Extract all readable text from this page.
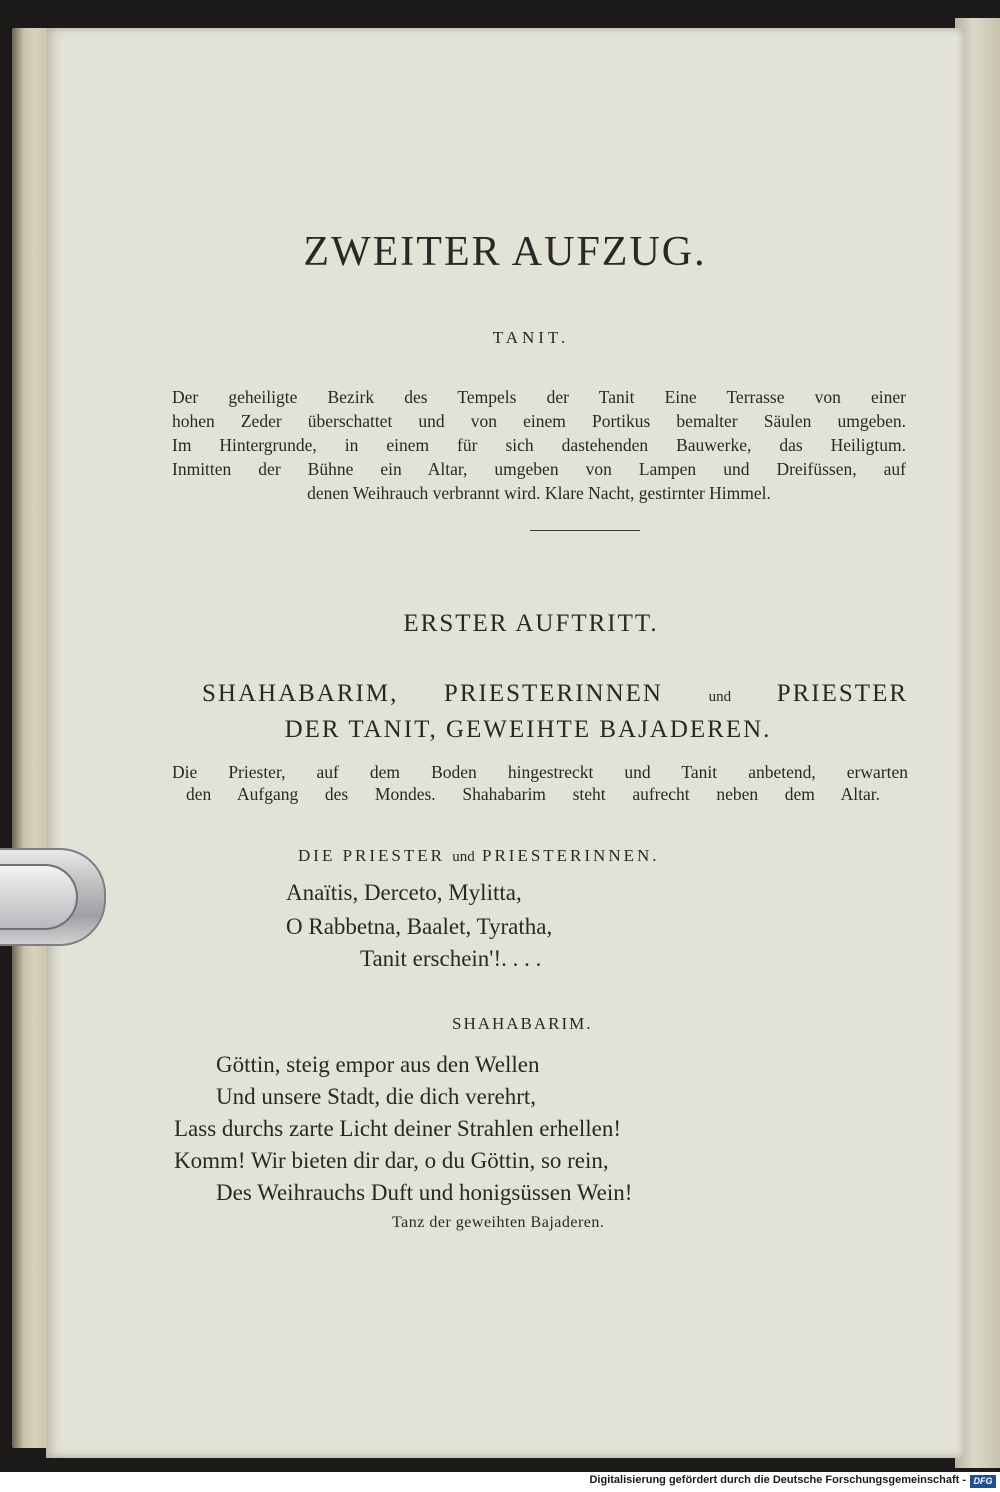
ZWEITER AUFZUG.
TANIT.
Der geheiligte Bezirk des Tempels der Tanit Eine Terrasse von einer
hohen Zeder überschattet und von einem Portikus bemalter Säulen umgeben.
Im Hintergrunde, in einem für sich dastehenden Bauwerke, das Heiligtum.
Inmitten der Bühne ein Altar, umgeben von Lampen und Dreifüssen, auf
denen Weihrauch verbrannt wird. Klare Nacht, gestirnter Himmel.
ERSTER AUFTRITT.
SHAHABARIM, PRIESTERINNEN	und PRIESTER
DER TANIT, GEWEIHTE BAJADEREN.
Die Priester, auf dem Boden hingestreckt und Tanit anbetend, erwarten
den Aufgang des Mondes. Shahabarim steht aufrecht neben dem Altar.
DIE PRIESTER und PRIESTERINNEN.
Anaïtis, Derceto, Mylitta,
O Rabbetna, Baalet, Tyratha,
Tanit erschein'!. . . .
SHAHABARIM.
Göttin, steig empor aus den Wellen
Und unsere Stadt, die dich verehrt,
Lass durchs zarte Licht deiner Strahlen erhellen!
Komm! Wir bieten dir dar, o du Göttin, so rein,
Des Weihrauchs Duft und honigsüssen Wein!
Tanz der geweihten Bajaderen.
Digitalisierung gefördert durch die Deutsche Forschungsgemeinschaft - DFG
